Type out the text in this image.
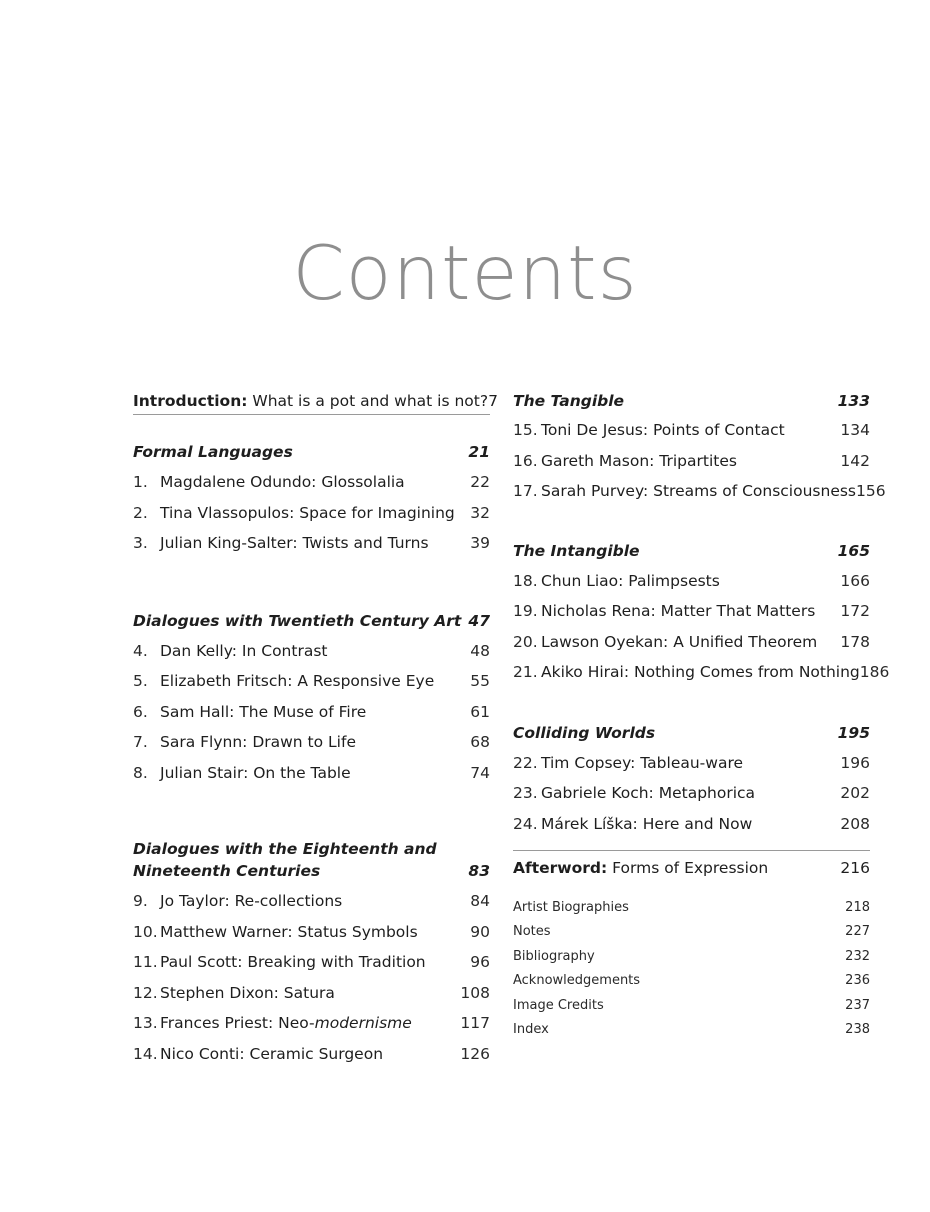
Contents
Introduction: What is a pot and what is not? 7
Formal Languages	21
1. Magdalene Odundo: Glossolalia	22
2. Tina Vlassopulos: Space for Imagining 32
3. Julian King-Salter: Twists and Turns	39
Dialogues with Twentieth Century Art 47
4. Dan Kelly: In Contrast	48
5. Elizabeth Fritsch: A Responsive Eye 55
6. Sam Hall: The Muse of Fire	61
7. Sara Flynn: Drawn to Life	68
8. Julian Stair: On the Table	74
Dialogues with the Eighteenth and
Nineteenth Centuries	83
9. Jo Taylor: Re-collections	84
10. Matthew Warner: Status Symbols	90
11. Paul Scott: Breaking with Tradition	96
12. Stephen Dixon: Satura	108
13. Frances Priest: Neo- modernisme	117
14. Nico Conti: Ceramic Surgeon	126
The Tangible	133
15. Toni De Jesus: Points of Contact	134
16. Gareth Mason: Tripartites	142
17. Sarah Purvey: Streams of Consciousness 156
The Intangible	165
18. Chun Liao: Palimpsests	166
19. Nicholas Rena: Matter That Matters 172
20. Lawson Oyekan: A Unified Theorem 178
21. Akiko Hirai: Nothing Comes from Nothing 186
Colliding Worlds	195
22. Tim Copsey: Tableau-ware	196
23. Gabriele Koch: Metaphorica	202
24. Márek Líška: Here and Now	208
Afterword: Forms of Expression	216
Artist Biographies	218
Notes	227
Bibliography	232
Acknowledgements	236
Image Credits	237
Index	238
